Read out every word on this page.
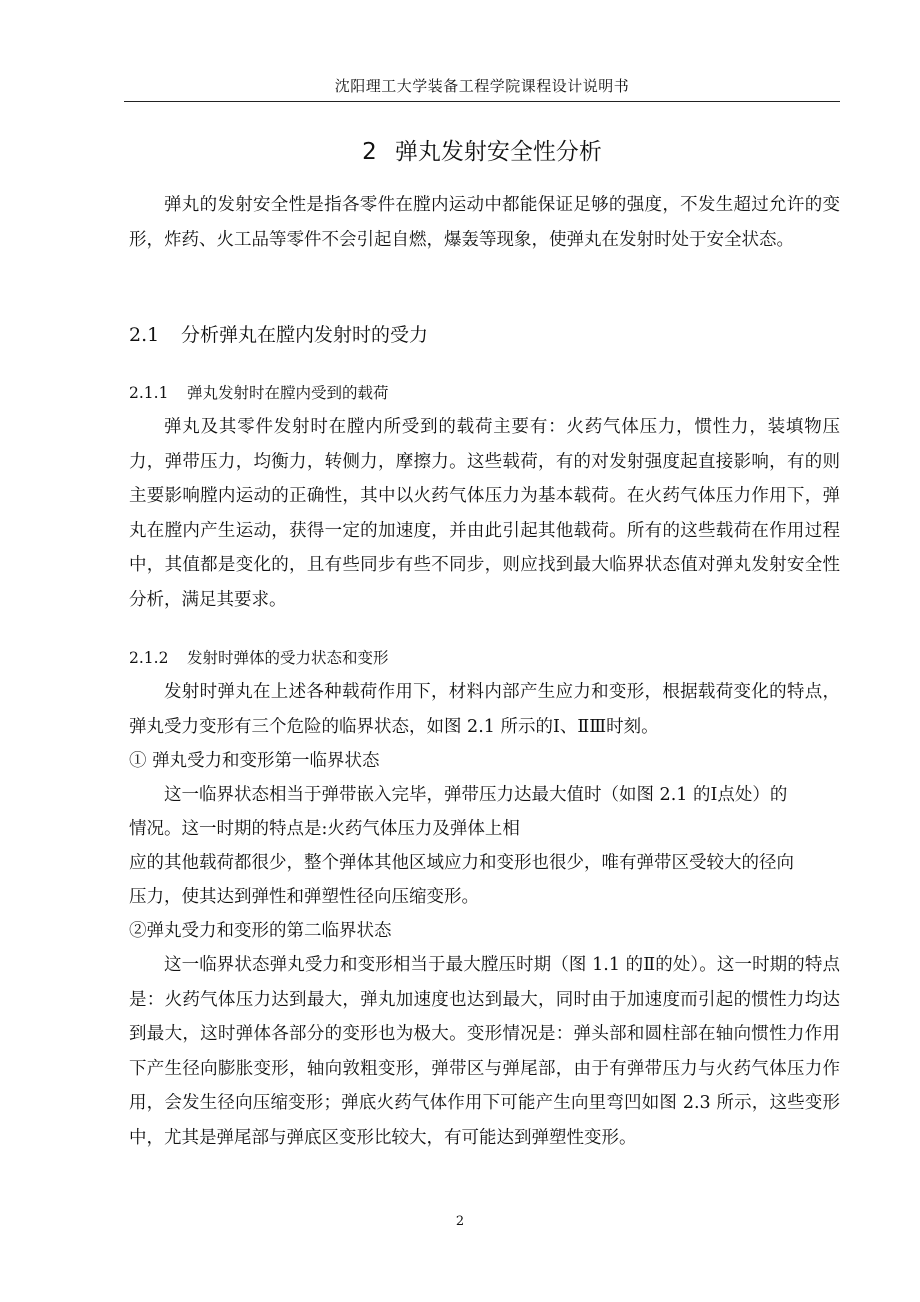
沈阳理工大学装备工程学院课程设计说明书
2 弹丸发射安全性分析

弹丸的发射安全性是指各零件在膛内运动中都能保证足够的强度，不发生超过允许的变形，炸药、火工品等零件不会引起自燃，爆轰等现象，使弹丸在发射时处于安全状态。

2.1 分析弹丸在膛内发射时的受力
2.1.1 弹丸发射时在膛内受到的载荷

弹丸及其零件发射时在膛内所受到的载荷主要有：火药气体压力，惯性力，装填物压力，弹带压力，均衡力，转侧力，摩擦力。这些载荷，有的对发射强度起直接影响，有的则主要影响膛内运动的正确性，其中以火药气体压力为基本载荷。在火药气体压力作用下，弹丸在膛内产生运动，获得一定的加速度，并由此引起其他载荷。所有的这些载荷在作用过程中，其值都是变化的，且有些同步有些不同步，则应找到最大临界状态值对弹丸发射安全性分析，满足其要求。

2.1.2 发射时弹体的受力状态和变形

发射时弹丸在上述各种载荷作用下，材料内部产生应力和变形，根据载荷变化的特点，弹丸受力变形有三个危险的临界状态，如图 2.1 所示的Ⅰ、ⅡⅢ时刻。

① 弹丸受力和变形第一临界状态
这一临界状态相当于弹带嵌入完毕，弹带压力达最大值时（如图 2.1 的Ⅰ点处）的
情况。这一时期的特点是:火药气体压力及弹体上相
应的其他载荷都很少，整个弹体其他区域应力和变形也很少，唯有弹带区受较大的径向
压力，使其达到弹性和弹塑性径向压缩变形。
②弹丸受力和变形的第二临界状态

这一临界状态弹丸受力和变形相当于最大膛压时期（图 1.1 的Ⅱ的处）。这一时期的特点是：火药气体压力达到最大，弹丸加速度也达到最大，同时由于加速度而引起的惯性力均达到最大，这时弹体各部分的变形也为极大。变形情况是：弹头部和圆柱部在轴向惯性力作用下产生径向膨胀变形，轴向敦粗变形，弹带区与弹尾部，由于有弹带压力与火药气体压力作用，会发生径向压缩变形；弹底火药气体作用下可能产生向里弯凹如图 2.3 所示，这些变形中，尤其是弹尾部与弹底区变形比较大，有可能达到弹塑性变形。

2
